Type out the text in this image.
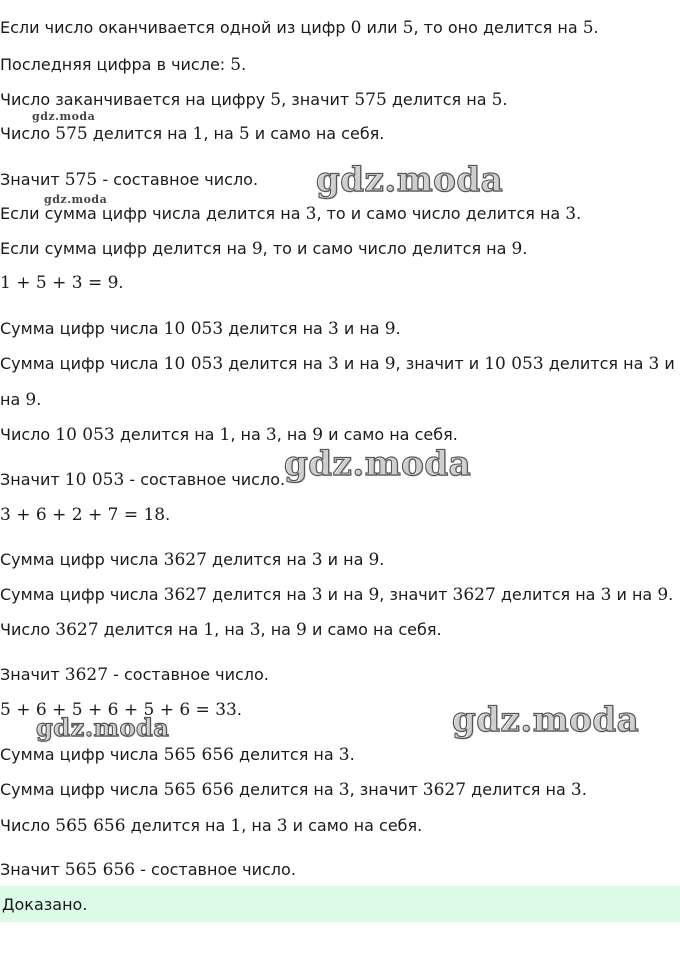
Если число оканчивается одной из цифр 0 или 5, то оно делится на 5.
Последняя цифра в числе: 5.
Число заканчивается на цифру 5, значит 575 делится на 5.
Число 575 делится на 1, на 5 и само на себя.
Значит 575 - составное число.
Если сумма цифр числа делится на 3, то и само число делится на 3.
Если сумма цифр делится на 9, то и само число делится на 9.
1 + 5 + 3 = 9.
Сумма цифр числа 10 053 делится на 3 и на 9.
Сумма цифр числа 10 053 делится на 3 и на 9, значит и 10 053 делится на 3 и
на 9.
Число 10 053 делится на 1, на 3, на 9 и само на себя.
Значит 10 053 - составное число.
3 + 6 + 2 + 7 = 18.
Сумма цифр числа 3627 делится на 3 и на 9.
Сумма цифр числа 3627 делится на 3 и на 9, значит 3627 делится на 3 и на 9.
Число 3627 делится на 1, на 3, на 9 и само на себя.
Значит 3627 - составное число.
5 + 6 + 5 + 6 + 5 + 6 = 33.
Сумма цифр числа 565 656 делится на 3.
Сумма цифр числа 565 656 делится на 3, значит 3627 делится на 3.
Число 565 656 делится на 1, на 3 и само на себя.
Значит 565 656 - составное число.
Доказано.
gdz.moda
gdz.moda
gdz.moda
gdz.moda
gdz.moda
gdz.moda
